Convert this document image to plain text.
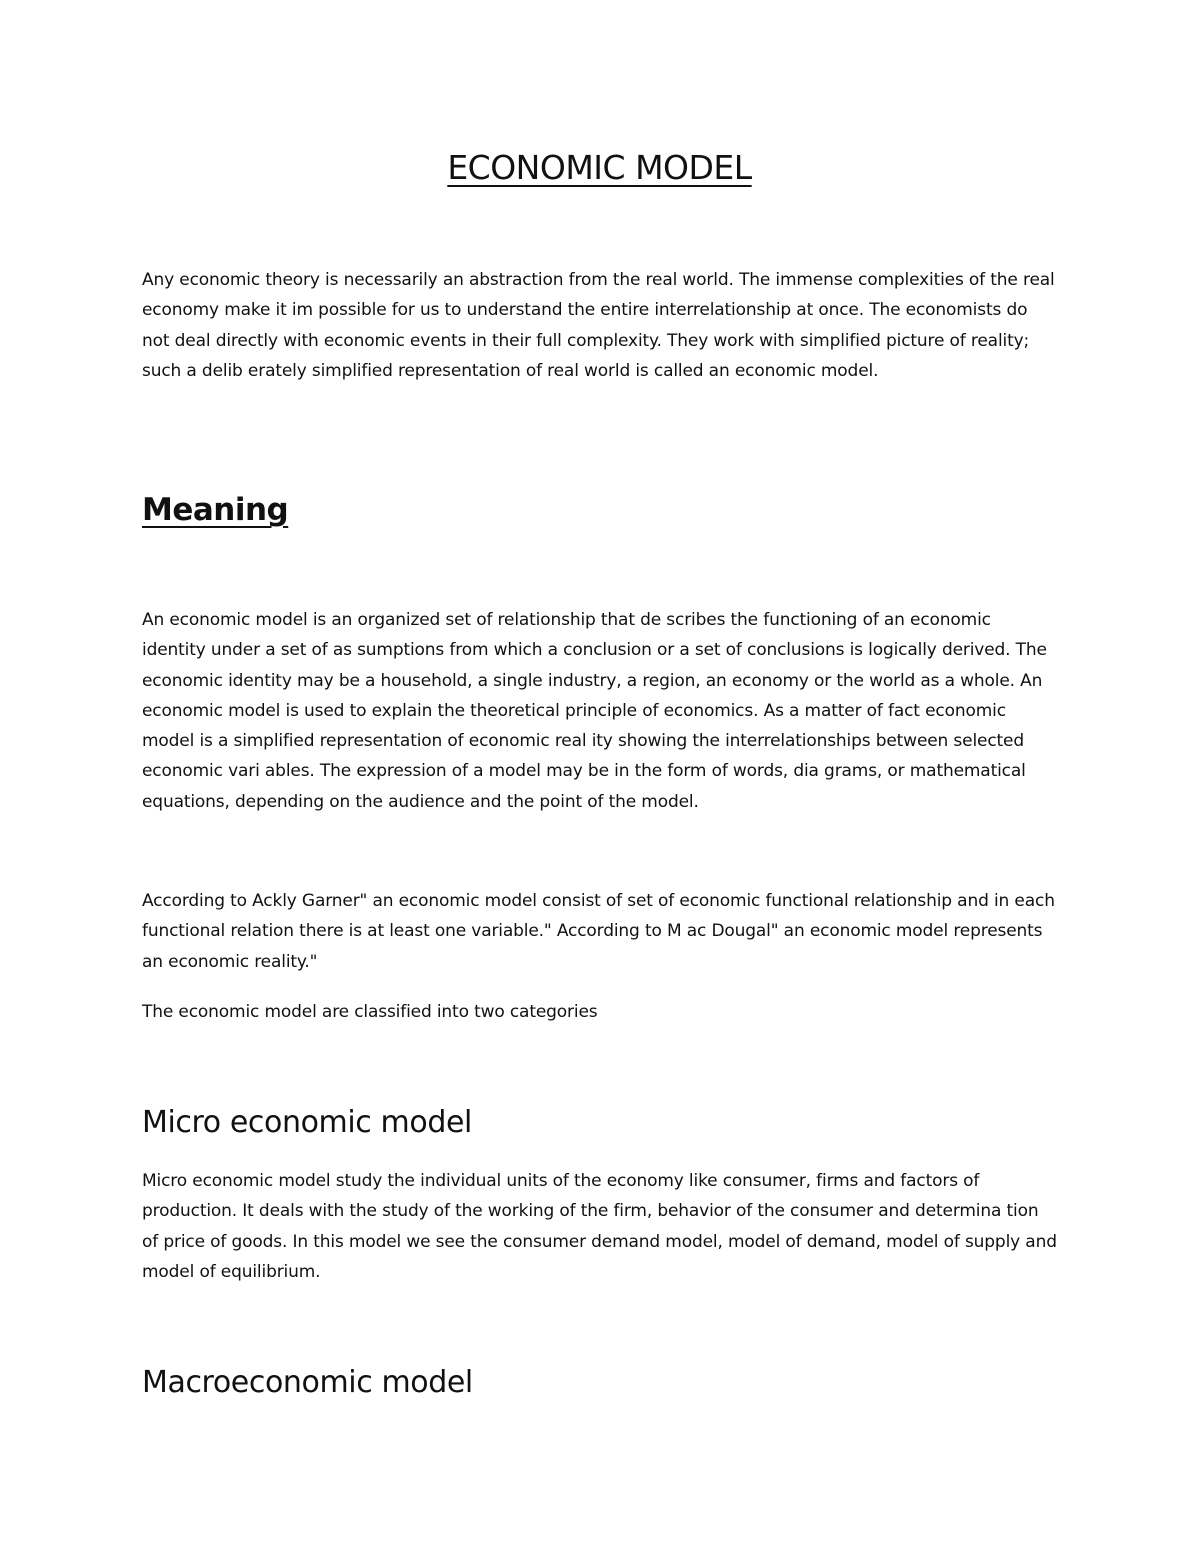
ECONOMIC MODEL

Any economic theory is necessarily an abstraction from the real world. The immense complexities of the real economy make it im possible for us to understand the entire interrelationship at once. The economists do not deal directly with economic events in their full complexity. They work with simplified picture of reality; such a delib erately simplified representation of real world is called an economic model.

Meaning

An economic model is an organized set of relationship that de scribes the functioning of an economic identity under a set of as sumptions from which a conclusion or a set of conclusions is logically derived. The economic identity may be a household, a single industry, a region, an economy or the world as a whole. An economic model is used to explain the theoretical principle of economics. As a matter of fact economic model is a simplified representation of economic real ity showing the interrelationships between selected economic vari ables. The expression of a model may be in the form of words, dia grams, or mathematical equations, depending on the audience and the point of the model.

According to Ackly Garner" an economic model consist of set of economic functional relationship and in each functional relation there is at least one variable." According to M ac Dougal" an economic model represents an economic reality."

The economic model are classified into two categories

Micro economic model

Micro economic model study the individual units of the economy like consumer, firms and factors of production. It deals with the study of the working of the firm, behavior of the consumer and determina tion of price of goods. In this model we see the consumer demand model, model of demand, model of supply and model of equilibrium.

Macroeconomic model
